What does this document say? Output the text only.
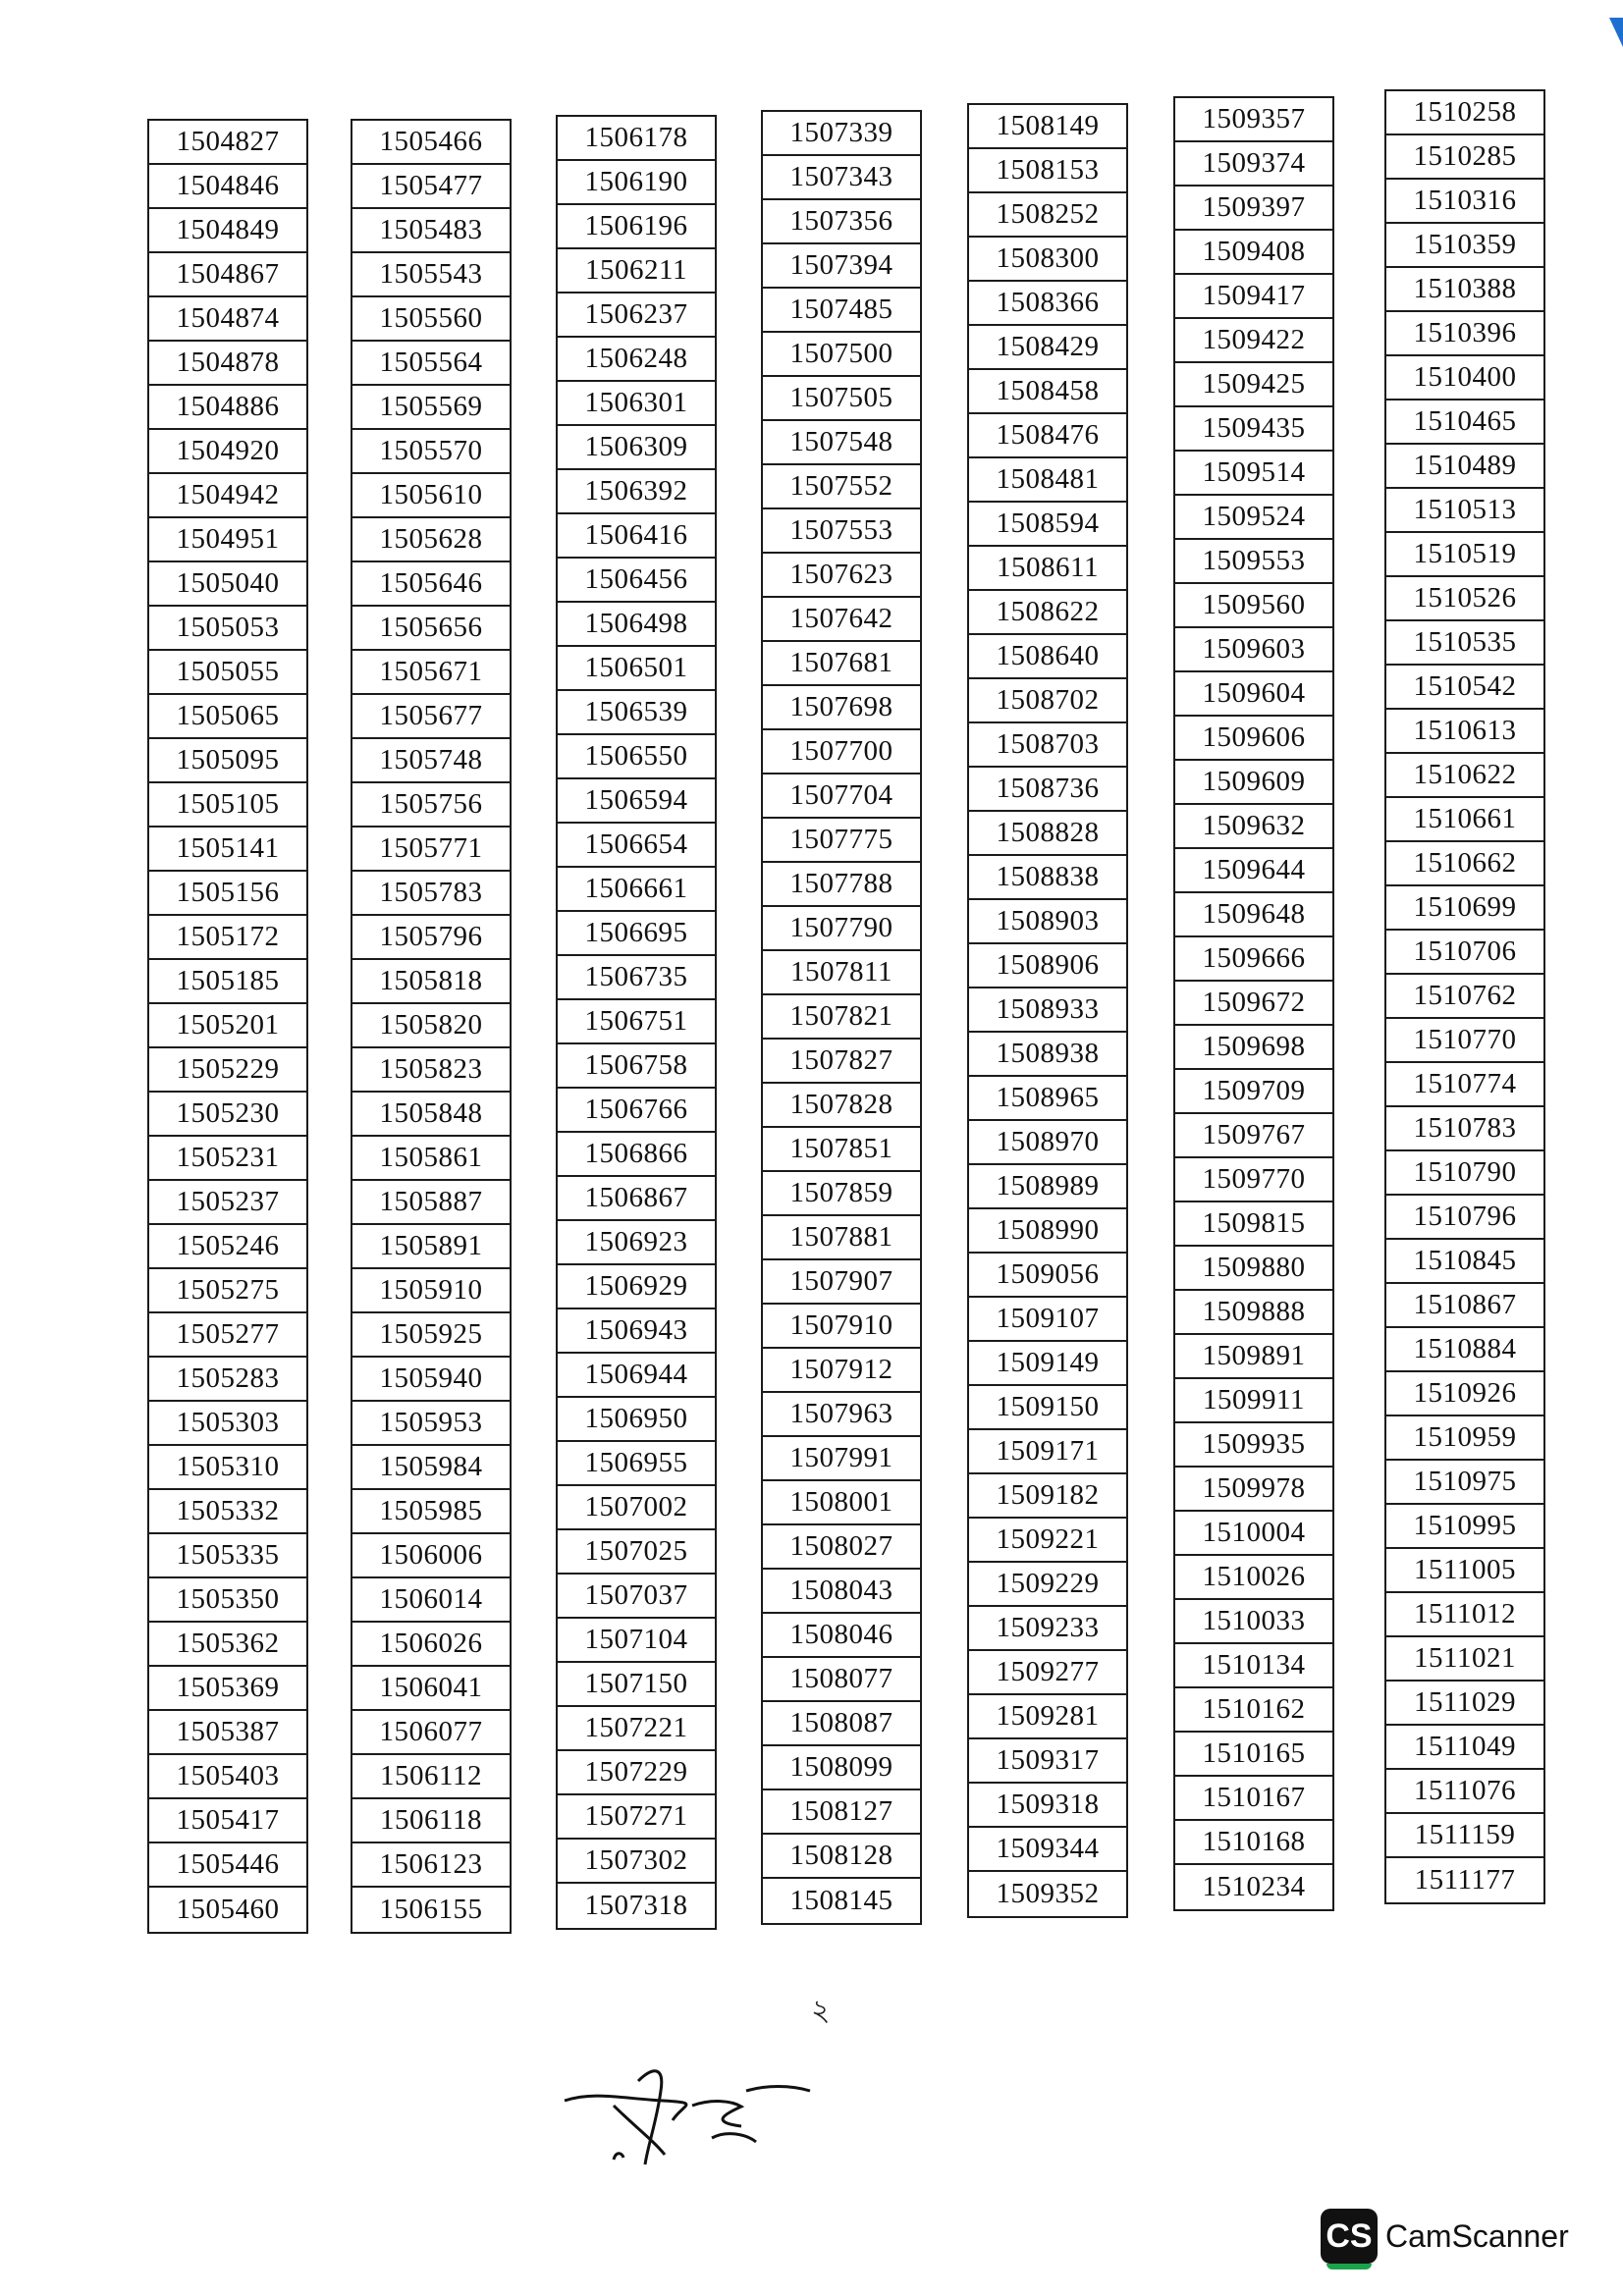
1504827
1504846
1504849
1504867
1504874
1504878
1504886
1504920
1504942
1504951
1505040
1505053
1505055
1505065
1505095
1505105
1505141
1505156
1505172
1505185
1505201
1505229
1505230
1505231
1505237
1505246
1505275
1505277
1505283
1505303
1505310
1505332
1505335
1505350
1505362
1505369
1505387
1505403
1505417
1505446
1505460
1505466
1505477
1505483
1505543
1505560
1505564
1505569
1505570
1505610
1505628
1505646
1505656
1505671
1505677
1505748
1505756
1505771
1505783
1505796
1505818
1505820
1505823
1505848
1505861
1505887
1505891
1505910
1505925
1505940
1505953
1505984
1505985
1506006
1506014
1506026
1506041
1506077
1506112
1506118
1506123
1506155
1506178
1506190
1506196
1506211
1506237
1506248
1506301
1506309
1506392
1506416
1506456
1506498
1506501
1506539
1506550
1506594
1506654
1506661
1506695
1506735
1506751
1506758
1506766
1506866
1506867
1506923
1506929
1506943
1506944
1506950
1506955
1507002
1507025
1507037
1507104
1507150
1507221
1507229
1507271
1507302
1507318
1507339
1507343
1507356
1507394
1507485
1507500
1507505
1507548
1507552
1507553
1507623
1507642
1507681
1507698
1507700
1507704
1507775
1507788
1507790
1507811
1507821
1507827
1507828
1507851
1507859
1507881
1507907
1507910
1507912
1507963
1507991
1508001
1508027
1508043
1508046
1508077
1508087
1508099
1508127
1508128
1508145
1508149
1508153
1508252
1508300
1508366
1508429
1508458
1508476
1508481
1508594
1508611
1508622
1508640
1508702
1508703
1508736
1508828
1508838
1508903
1508906
1508933
1508938
1508965
1508970
1508989
1508990
1509056
1509107
1509149
1509150
1509171
1509182
1509221
1509229
1509233
1509277
1509281
1509317
1509318
1509344
1509352
1509357
1509374
1509397
1509408
1509417
1509422
1509425
1509435
1509514
1509524
1509553
1509560
1509603
1509604
1509606
1509609
1509632
1509644
1509648
1509666
1509672
1509698
1509709
1509767
1509770
1509815
1509880
1509888
1509891
1509911
1509935
1509978
1510004
1510026
1510033
1510134
1510162
1510165
1510167
1510168
1510234
1510258
1510285
1510316
1510359
1510388
1510396
1510400
1510465
1510489
1510513
1510519
1510526
1510535
1510542
1510613
1510622
1510661
1510662
1510699
1510706
1510762
1510770
1510774
1510783
1510790
1510796
1510845
1510867
1510884
1510926
1510959
1510975
1510995
1511005
1511012
1511021
1511029
1511049
1511076
1511159
1511177
২
CS CamScanner
